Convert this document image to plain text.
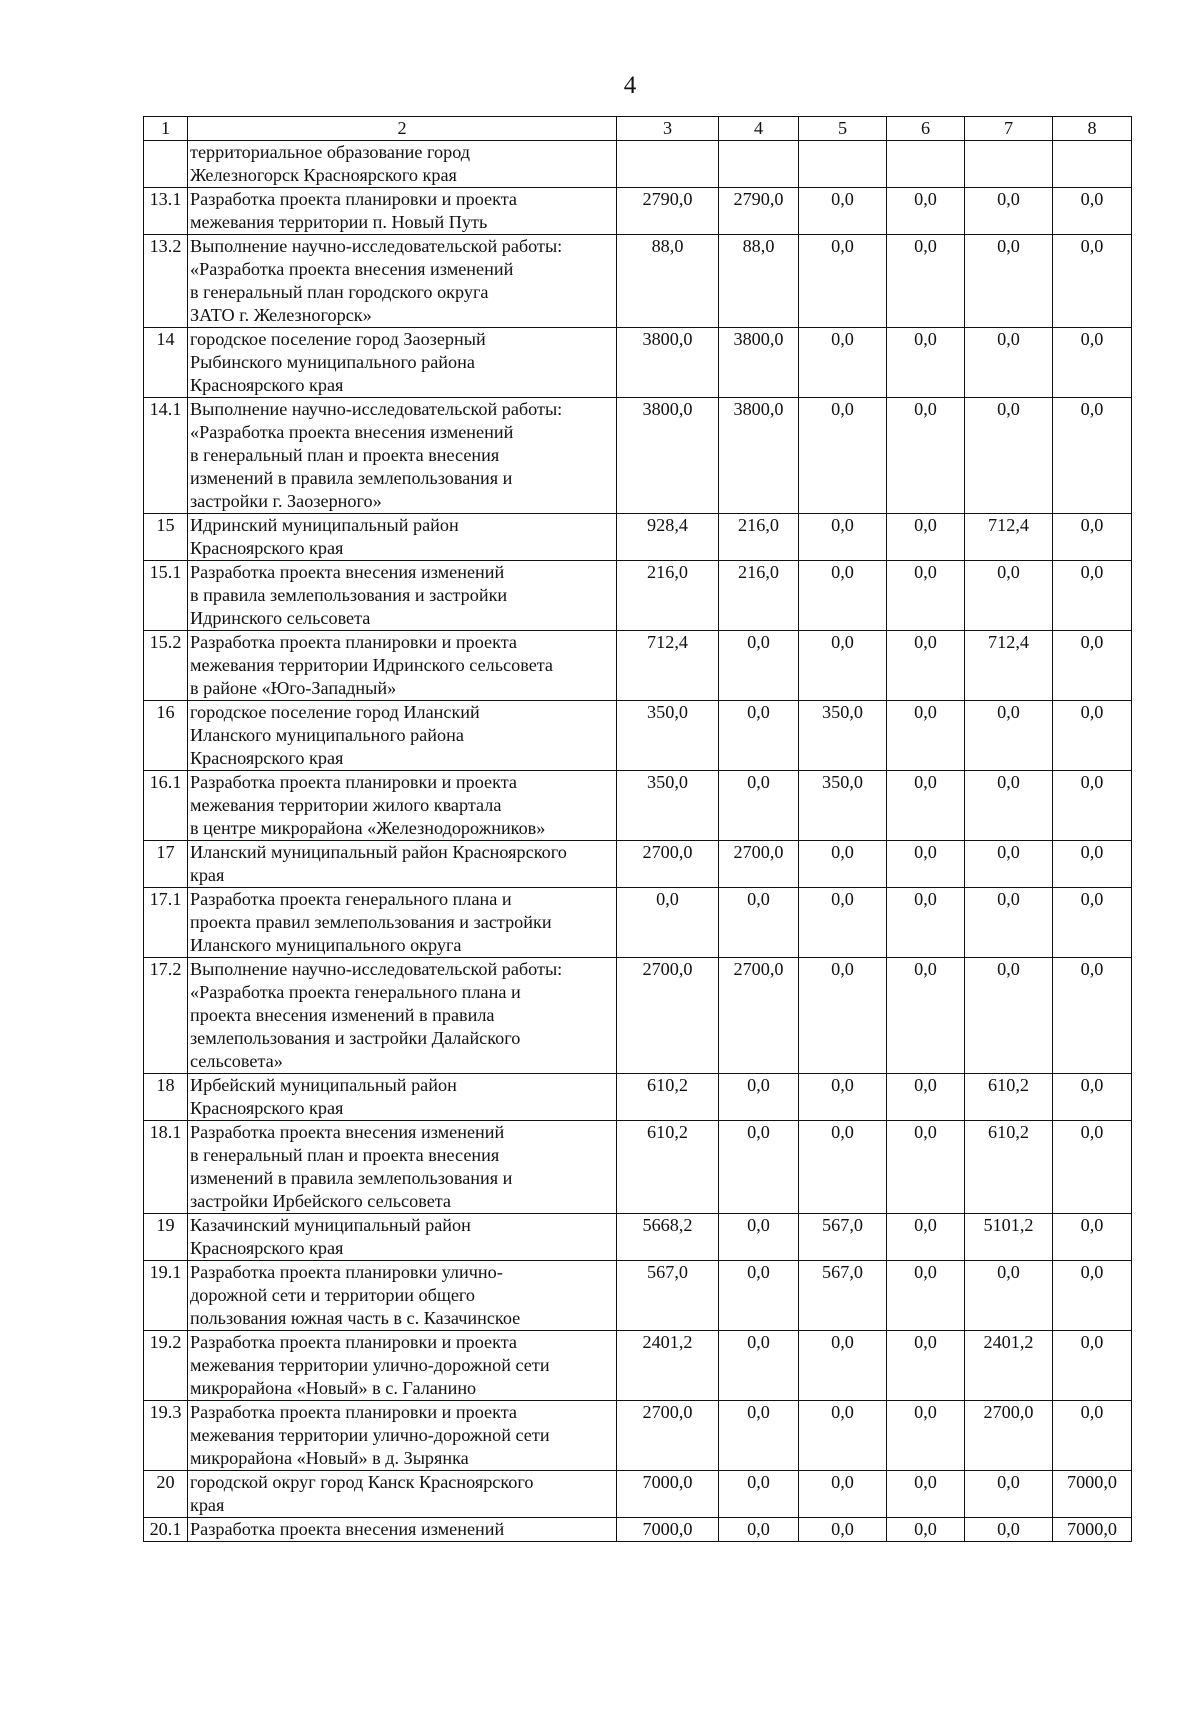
4
1	2	3	4	5	6	7	8
	территориальное образование город
Железногорск Красноярского края						
13.1	Разработка проекта планировки и проекта
межевания территории п. Новый Путь	2790,0	2790,0	0,0	0,0	0,0	0,0
13.2	Выполнение научно-исследовательской работы:
«Разработка проекта внесения изменений
в генеральный план городского округа
ЗАТО г. Железногорск»	88,0	88,0	0,0	0,0	0,0	0,0
14	городское поселение город Заозерный
Рыбинского муниципального района
Красноярского края	3800,0	3800,0	0,0	0,0	0,0	0,0
14.1	Выполнение научно-исследовательской работы:
«Разработка проекта внесения изменений
в генеральный план и проекта внесения
изменений в правила землепользования и
застройки г. Заозерного»	3800,0	3800,0	0,0	0,0	0,0	0,0
15	Идринский муниципальный район
Красноярского края	928,4	216,0	0,0	0,0	712,4	0,0
15.1	Разработка проекта внесения изменений
в правила землепользования и застройки
Идринского сельсовета	216,0	216,0	0,0	0,0	0,0	0,0
15.2	Разработка проекта планировки и проекта
межевания территории Идринского сельсовета
в районе «Юго-Западный»	712,4	0,0	0,0	0,0	712,4	0,0
16	городское поселение город Иланский
Иланского муниципального района
Красноярского края	350,0	0,0	350,0	0,0	0,0	0,0
16.1	Разработка проекта планировки и проекта
межевания территории жилого квартала
в центре микрорайона «Железнодорожников»	350,0	0,0	350,0	0,0	0,0	0,0
17	Иланский муниципальный район Красноярского
края	2700,0	2700,0	0,0	0,0	0,0	0,0
17.1	Разработка проекта генерального плана и
проекта правил землепользования и застройки
Иланского муниципального округа	0,0	0,0	0,0	0,0	0,0	0,0
17.2	Выполнение научно-исследовательской работы:
«Разработка проекта генерального плана и
проекта внесения изменений в правила
землепользования и застройки Далайского
сельсовета»	2700,0	2700,0	0,0	0,0	0,0	0,0
18	Ирбейский муниципальный район
Красноярского края	610,2	0,0	0,0	0,0	610,2	0,0
18.1	Разработка проекта внесения изменений
в генеральный план и проекта внесения
изменений в правила землепользования и
застройки Ирбейского сельсовета	610,2	0,0	0,0	0,0	610,2	0,0
19	Казачинский муниципальный район
Красноярского края	5668,2	0,0	567,0	0,0	5101,2	0,0
19.1	Разработка проекта планировки улично-
дорожной сети и территории общего
пользования южная часть в с. Казачинское	567,0	0,0	567,0	0,0	0,0	0,0
19.2	Разработка проекта планировки и проекта
межевания территории улично-дорожной сети
микрорайона «Новый» в с. Галанино	2401,2	0,0	0,0	0,0	2401,2	0,0
19.3	Разработка проекта планировки и проекта
межевания территории улично-дорожной сети
микрорайона «Новый» в д. Зырянка	2700,0	0,0	0,0	0,0	2700,0	0,0
20	городской округ город Канск Красноярского
края	7000,0	0,0	0,0	0,0	0,0	7000,0
20.1	Разработка проекта внесения изменений	7000,0	0,0	0,0	0,0	0,0	7000,0
